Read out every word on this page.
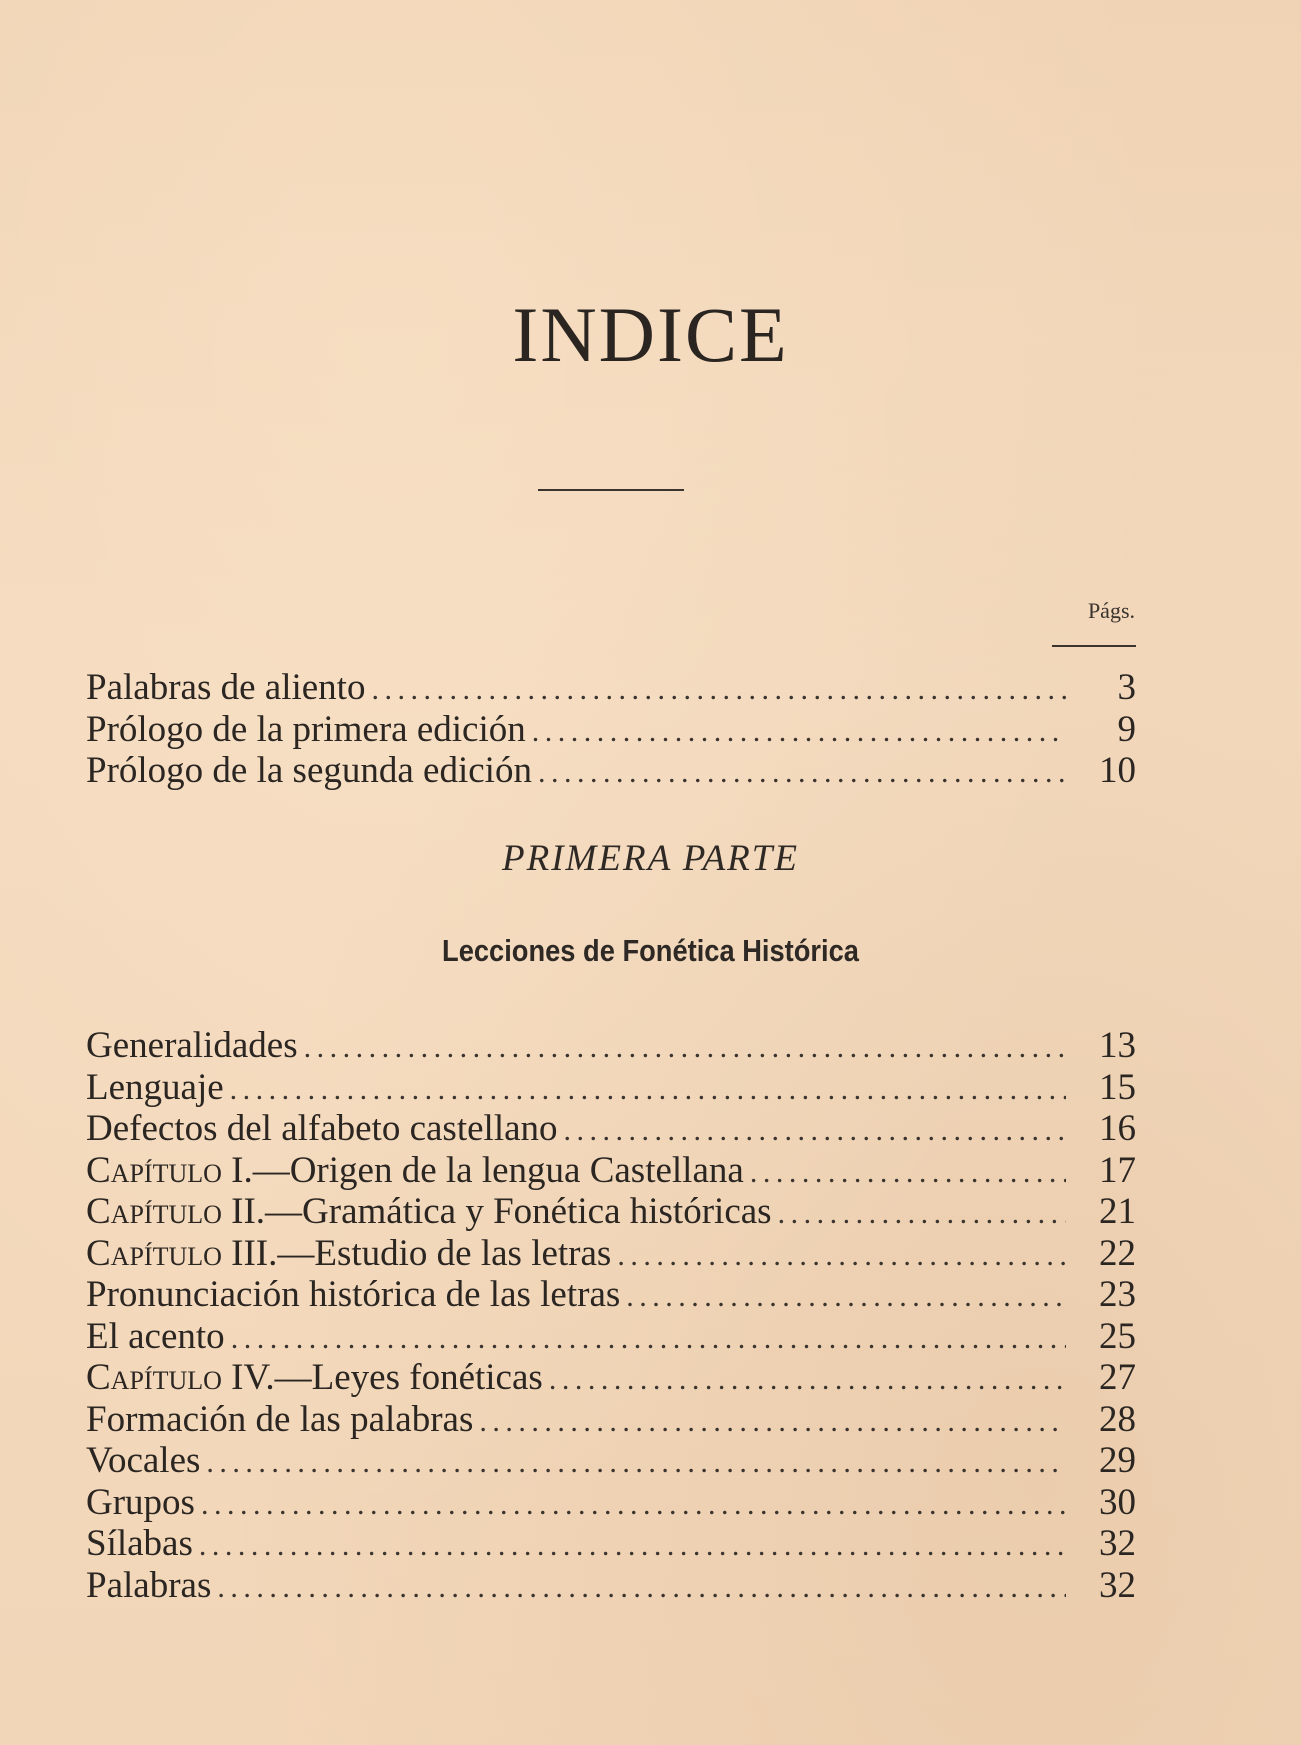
INDICE
Págs.
Palabras de aliento . . .	3
Prólogo de la primera edición . . .	9
Prólogo de la segunda edición . . .	10
PRIMERA PARTE
Lecciones de Fonética Histórica
Generalidades . . .	13
Lenguaje . . .	15
Defectos del alfabeto castellano . . .	16
Capítulo I.—Origen de la lengua Castellana . . .	17
Capítulo II.—Gramática y Fonética históricas . . .	21
Capítulo III.—Estudio de las letras . . .	22
Pronunciación histórica de las letras . . .	23
El acento . . .	25
Capítulo IV.—Leyes fonéticas . . .	27
Formación de las palabras . . .	28
Vocales . . .	29
Grupos . . .	30
Sílabas . . .	32
Palabras . . .	32
